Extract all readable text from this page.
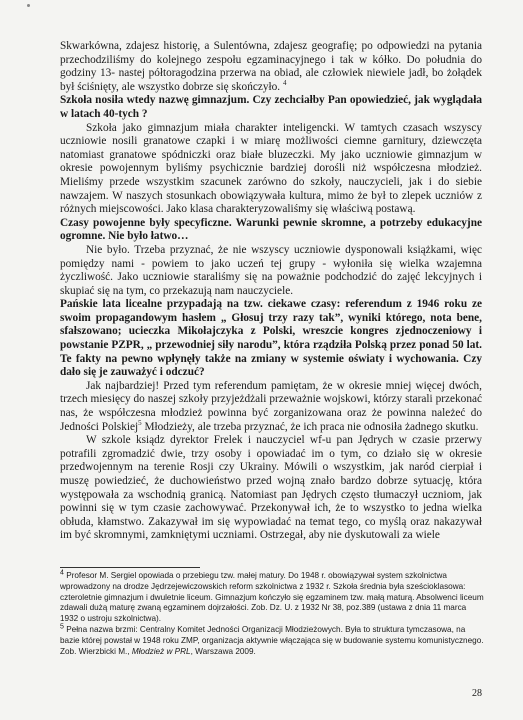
Skwarkówna, zdajesz historię, a Sulentówna, zdajesz geografię; po odpowiedzi na pytania przechodziliśmy do kolejnego zespołu egzaminacyjnego i tak w kółko. Do południa do godziny 13- nastej półtoragodzina przerwa na obiad, ale człowiek niewiele jadł, bo żołądek był ściśnięty, ale wszystko dobrze się skończyło. $^4$

Szkoła nosiła wtedy nazwę gimnazjum. Czy zechciałby Pan opowiedzieć, jak wyglądała w latach 40-tych ?

Szkoła jako gimnazjum miała charakter inteligencki. W tamtych czasach wszyscy uczniowie nosili granatowe czapki i w miarę możliwości ciemne garnitury, dziewczęta natomiast granatowe spódniczki oraz białe bluzeczki. My jako uczniowie gimnazjum w okresie powojennym byliśmy psychicznie bardziej dorośli niż współczesna młodzież. Mieliśmy przede wszystkim szacunek zarówno do szkoły, nauczycieli, jak i do siebie nawzajem. W naszych stosunkach obowiązywała kultura, mimo że był to zlepek uczniów z różnych miejscowości. Jako klasa charakteryzowaliśmy się właściwą postawą.

Czasy powojenne były specyficzne. Warunki pewnie skromne, a potrzeby edukacyjne ogromne. Nie było łatwo…

Nie było. Trzeba przyznać, że nie wszyscy uczniowie dysponowali książkami, więc pomiędzy nami - powiem to jako uczeń tej grupy - wyłoniła się wielka wzajemna życzliwość. Jako uczniowie staraliśmy się na poważnie podchodzić do zajęć lekcyjnych i skupiać się na tym, co przekazują nam nauczyciele.

Pańskie lata licealne przypadają na tzw. ciekawe czasy: referendum z 1946 roku ze swoim propagandowym hasłem „ Głosuj trzy razy tak”, wyniki którego, nota bene, sfałszowano; ucieczka Mikołajczyka z Polski, wreszcie kongres zjednoczeniowy i powstanie PZPR, „ przewodniej siły narodu”, która rządziła Polską przez ponad 50 lat. Te fakty na pewno wpłynęły także na zmiany w systemie oświaty i wychowania. Czy dało się je zauważyć i odczuć?

Jak najbardziej! Przed tym referendum pamiętam, że w okresie mniej więcej dwóch, trzech miesięcy do naszej szkoły przyjeżdżali przeważnie wojskowi, którzy starali przekonać nas, że współczesna młodzież powinna być zorganizowana oraz że powinna należeć do Jedności Polskiej$^5$ Młodzieży, ale trzeba przyznać, że ich praca nie odnosiła żadnego skutku.

W szkole ksiądz dyrektor Frelek i nauczyciel wf-u pan Jędrych w czasie przerwy potrafili zgromadzić dwie, trzy osoby i opowiadać im o tym, co działo się w okresie przedwojennym na terenie Rosji czy Ukrainy. Mówili o wszystkim, jak naród cierpiał i muszę powiedzieć, że duchowieństwo przed wojną znało bardzo dobrze sytuację, która występowała za wschodnią granicą. Natomiast pan Jędrych często tłumaczył uczniom, jak powinni się w tym czasie zachowywać. Przekonywał ich, że to wszystko to jedna wielka obłuda, kłamstwo. Zakazywał im się wypowiadać na temat tego, co myślą oraz nakazywał im być skromnymi, zamkniętymi uczniami. Ostrzegał, aby nie dyskutowali za wiele

$^4$ Profesor M. Sergiel opowiada o przebiegu tzw. małej matury. Do 1948 r. obowiązywał system szkolnictwa wprowadzony na drodze Jędrzejewiczowskich reform szkolnictwa z 1932 r. Szkoła średnia była sześcioklasowa: czteroletnie gimnazjum i dwuletnie liceum. Gimnazjum kończyło się egzaminem tzw. małą maturą. Absolwenci liceum zdawali dużą maturę zwaną egzaminem dojrzałości. Zob. Dz. U. z 1932 Nr 38, poz.389 (ustawa z dnia 11 marca 1932 o ustroju szkolnictwa).

$^5$ Pełna nazwa brzmi: Centralny Komitet Jedności Organizacji Młodzieżowych. Była to struktura tymczasowa, na bazie której powstał w 1948 roku ZMP, organizacja aktywnie włączająca się w budowanie systemu komunistycznego. Zob. Wierzbicki M., Młodzież w PRL, Warszawa 2009.

28
